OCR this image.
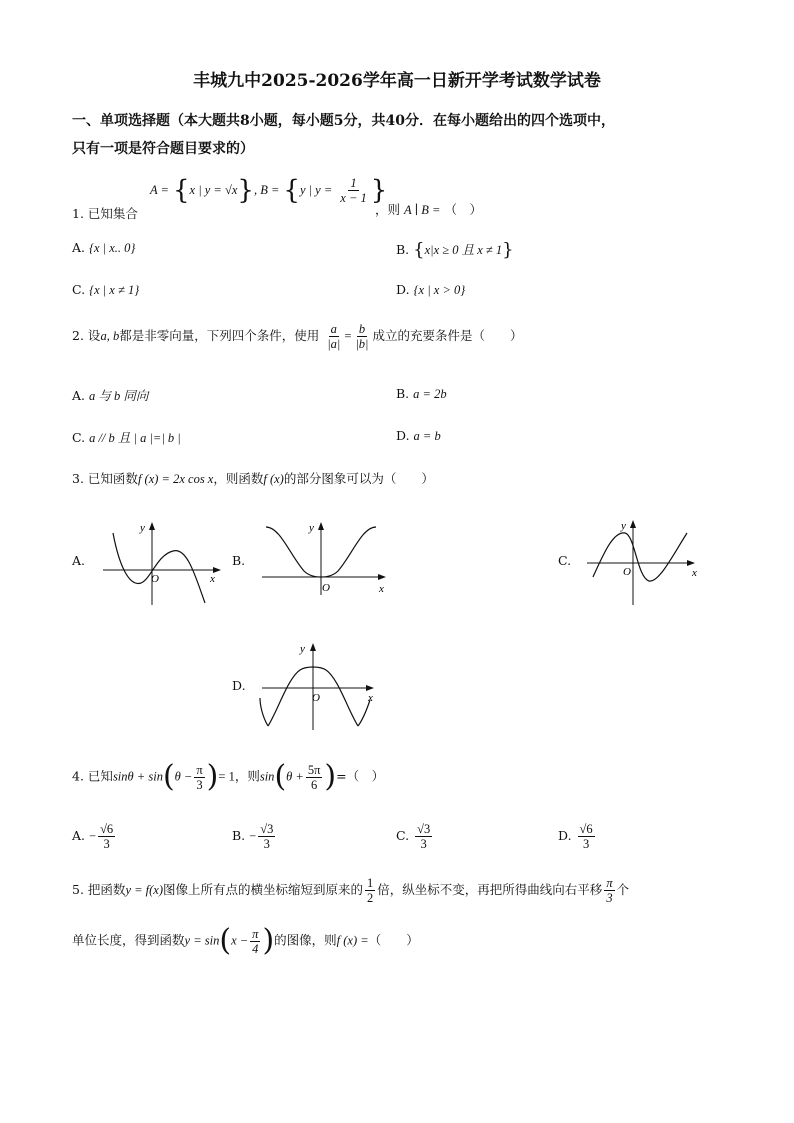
丰城九中2025-2026学年高一日新开学考试数学试卷
一、单项选择题（本大题共8小题，每小题5分，共40分．在每小题给出的四个选项中，
只有一项是符合题目要求的）
A = {x | y = √x}, B = {y | $y = \frac{1}{x - 1}$ }
1. 已知集合	，则 A ∣ B = （　）
A. {x | x.. 0}	B. {x|x ≥ 0 且 x ≠ 1}
C. {x | x ≠ 1}	D. {x | x > 0}
2. 设a, b都是非零向量，下列四个条件，使用 $\frac{a}{|a|} = \frac{b}{|b|}$ 成立的充要条件是（　　）
A. a 与 b 同向	B. a = 2b
C. a // b 且 | a |=| b |	D. a = b
3. 已知函数f (x) = 2x cos x，则函数f (x)的部分图象可以为（　　）
A.
y
x
O
B.
y
x
O
C.
y
x
O
D.
y
x
O
4. 已知$\sin\theta + \sin(\theta - \frac{\pi}{3}$ )= 1，则$\sin(\theta + \frac{5\pi}{6}$ )=（　）
A. − $\frac{√6}{3}$	B. − $\frac{√3}{3}$	C. $\frac{√3}{3}$	D. $\frac{√6}{3}$
5. 把函数y = f(x)图像上所有点的横坐标缩短到原来的 $\frac{1}{2}$ 倍，纵坐标不变，再把所得曲线向右平移 $\frac{\pi}{3}$ 个
单位长度，得到函数$y = \sin(x - \frac{\pi}{4}$ )的图像，则f (x) =（　　）
